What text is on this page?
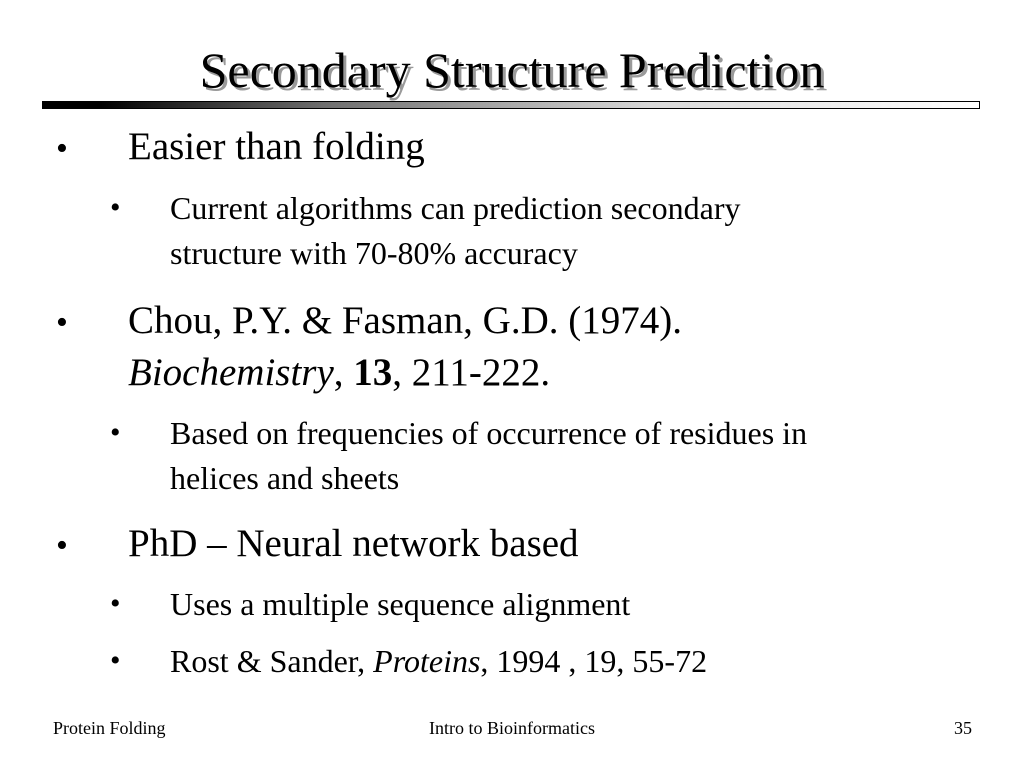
Secondary Structure Prediction
• Easier than folding
• Current algorithms can prediction secondary
structure with 70-80% accuracy
• Chou, P.Y. & Fasman, G.D. (1974).
Biochemistry, 13, 211-222.
• Based on frequencies of occurrence of residues in
helices and sheets
• PhD – Neural network based
• Uses a multiple sequence alignment
• Rost & Sander, Proteins, 1994 , 19, 55-72
Protein Folding	Intro to Bioinformatics	35
